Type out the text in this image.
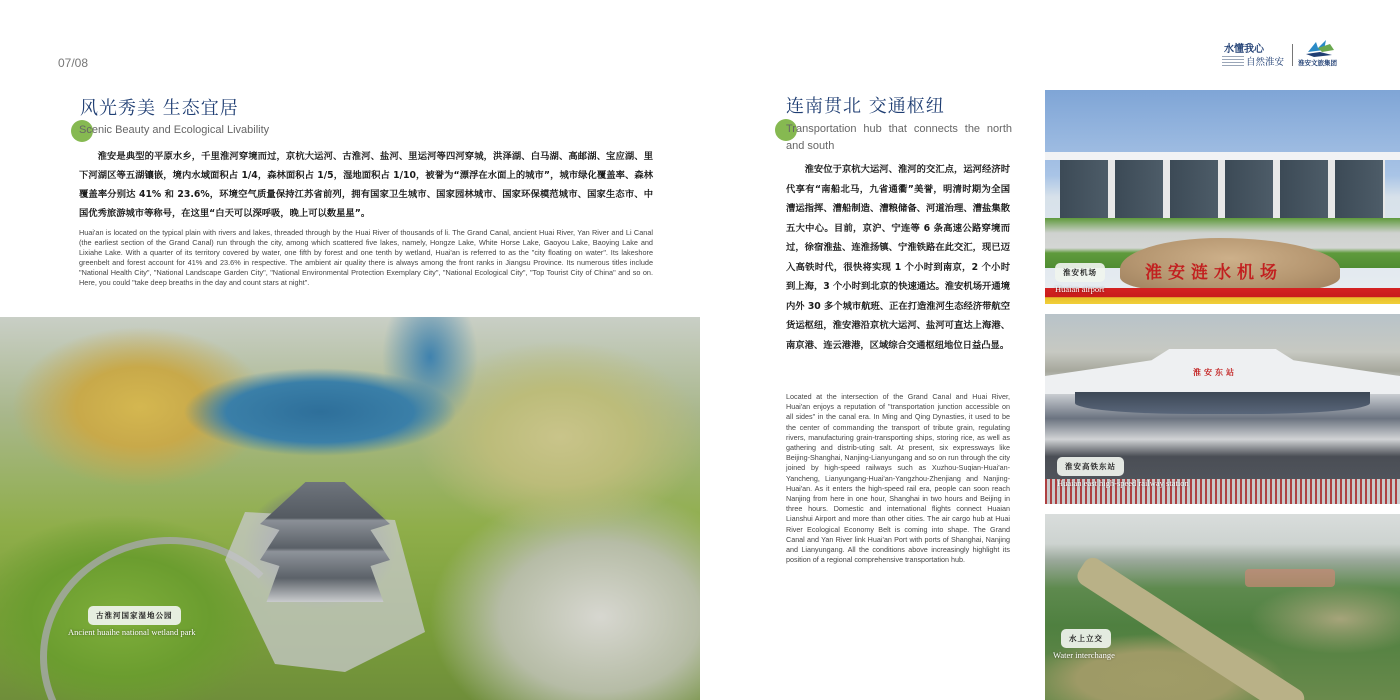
07/08
水懂我心
自然淮安 淮安文旅集团
风光秀美 生态宜居
Scenic Beauty and Ecological Livability

淮安是典型的平原水乡，千里淮河穿境而过，京杭大运河、古淮河、盐河、里运河等四河穿城，洪泽湖、白马湖、高邮湖、宝应湖、里下河湖区等五湖镶嵌，境内水域面积占 1/4，森林面积占 1/5，湿地面积占 1/10，被誉为“漂浮在水面上的城市”，城市绿化覆盖率、森林覆盖率分别达 41% 和 23.6%，环境空气质量保持江苏省前列，拥有国家卫生城市、国家园林城市、国家环保模范城市、国家生态市、中国优秀旅游城市等称号，在这里“白天可以深呼吸，晚上可以数星星”。

Huai'an is located on the typical plain with rivers and lakes, threaded through by the Huai River of thousands of li. The Grand Canal, ancient Huai River, Yan River and Li Canal (the earliest section of the Grand Canal) run through the city, among which scattered five lakes, namely, Hongze Lake, White Horse Lake, Gaoyou Lake, Baoying Lake and Lixiahe Lake. With a quarter of its territory covered by water, one fifth by forest and one tenth by wetland, Huai'an is referred to as the "city floating on water". Its lakeshore greenbelt and forest account for 41% and 23.6% in respective. The ambient air quality there is always among the front ranks in Jiangsu Province. Its numerous titles include "National Health City", "National Landscape Garden City", "National Environmental Protection Exemplary City", "National Ecological City", "Top Tourist City of China" and so on. Here, you could "take deep breaths in the day and count stars at night".

古淮河国家湿地公园
Ancient huaihe national wetland park
连南贯北 交通枢纽
Transportation hub that connects the north and south

淮安位于京杭大运河、淮河的交汇点，运河经济时代享有“南船北马，九省通衢”美誉，明清时期为全国漕运指挥、漕船制造、漕粮储备、河道治理、漕盐集散五大中心。目前，京沪、宁连等 6 条高速公路穿境而过，徐宿淮盐、连淮扬镇、宁淮铁路在此交汇，现已迈入高铁时代，很快将实现 1 个小时到南京，2 个小时到上海，3 个小时到北京的快速通达。淮安机场开通境内外 30 多个城市航班、正在打造淮河生态经济带航空货运枢纽，淮安港沿京杭大运河、盐河可直达上海港、南京港、连云港港，区域综合交通枢纽地位日益凸显。

Located at the intersection of the Grand Canal and Huai River, Huai'an enjoys a reputation of "transportation junction accessible on all sides" in the canal era. In Ming and Qing Dynasties, it used to be the center of commanding the transport of tribute grain, regulating rivers, manufacturing grain-transporting ships, storing rice, as well as gathering and distrib-uting salt. At present, six expressways like Beijing-Shanghai, Nanjing-Lianyungang and so on run through the city joined by high-speed railways such as Xuzhou-Suqian-Huai'an-Yancheng, Lianyungang-Huai'an-Yangzhou-Zhenjiang and Nanjing-Huai'an. As it enters the high-speed rail era, people can soon reach Nanjing from here in one hour, Shanghai in two hours and Beijing in three hours. Domestic and international flights connect Huaian Lianshui Airport and more than other cities. The air cargo hub at Huai River Ecological Economy Belt is coming into shape. The Grand Canal and Yan River link Huai'an Port with ports of Shanghai, Nanjing and Lianyungang. All the conditions above increasingly highlight its position of a regional comprehensive transportation hub.

淮安涟水机场
淮安机场
Huaian airport
淮安东站
淮安高铁东站
Huaian east high-speed railway station
水上立交
Water interchange
